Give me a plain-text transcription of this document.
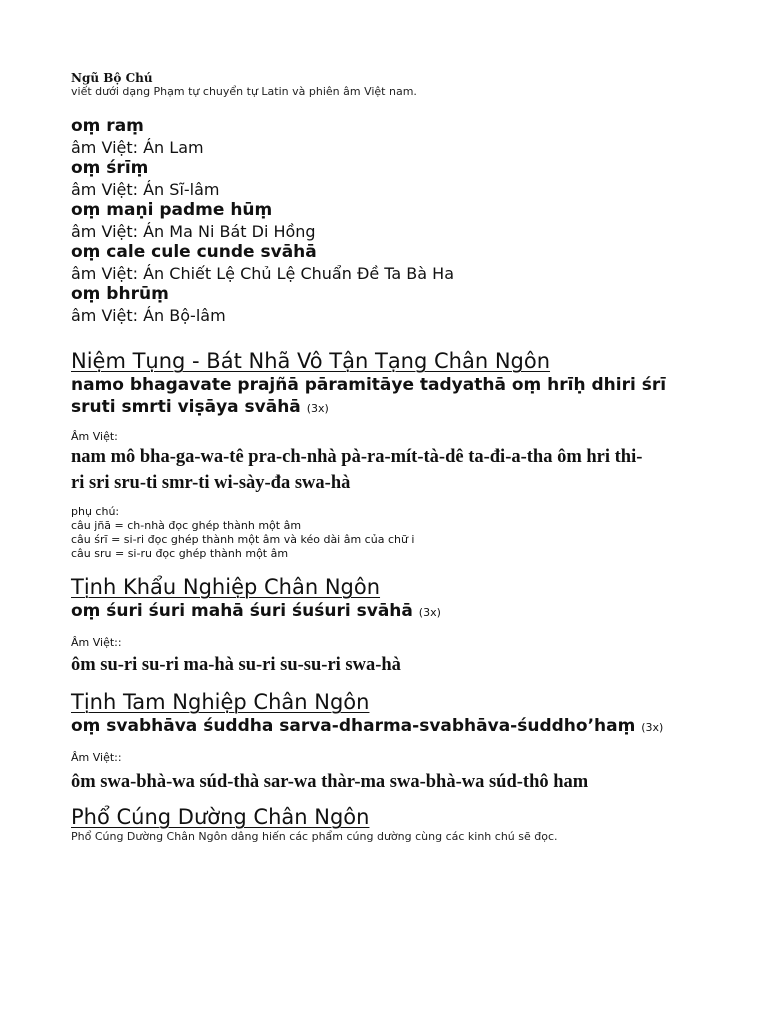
Ngũ Bộ Chú
viết dưới dạng Phạm tự chuyển tự Latin và phiên âm Việt nam.
oṃ raṃ
âm Việt: Án Lam
oṃ śrīṃ
âm Việt: Án Sĩ-lâm
oṃ maṇi padme hūṃ
âm Việt: Án Ma Ni Bát Di Hồng
oṃ cale cule cunde svāhā
âm Việt: Án Chiết Lệ Chủ Lệ Chuẩn Đề Ta Bà Ha
oṃ bhrūṃ
âm Việt: Án Bộ-lâm
Niệm Tụng - Bát Nhã Vô Tận Tạng Chân Ngôn
namo bhagavate prajñā pāramitāye tadyathā oṃ hrīḥ dhiri śrī
sruti smrti viṣāya svāhā (3x)
Âm Việt:
nam mô bha-ga-wa-tê pra-ch-nhà pà-ra-mít-tà-dê ta-đi-a-tha ôm hri thi-
ri sri sru-ti smr-ti wi-sày-đa swa-hà
phụ chú:
câu jñā = ch-nhà đọc ghép thành một âm
câu śrī = si-ri đọc ghép thành một âm và kéo dài âm của chữ i
câu sru = si-ru đọc ghép thành một âm
Tịnh Khẩu Nghiệp Chân Ngôn
oṃ śuri śuri mahā śuri śuśuri svāhā (3x)
Âm Việt::
ôm su-ri su-ri ma-hà su-ri su-su-ri swa-hà
Tịnh Tam Nghiệp Chân Ngôn
oṃ svabhāva śuddha sarva-dharma-svabhāva-śuddho’haṃ (3x)
Âm Việt::
ôm swa-bhà-wa súd-thà sar-wa thàr-ma swa-bhà-wa súd-thô ham
Phổ Cúng Dường Chân Ngôn
Phổ Cúng Dường Chân Ngôn dâng hiến các phẩm cúng dường cùng các kinh chú sẽ đọc.
